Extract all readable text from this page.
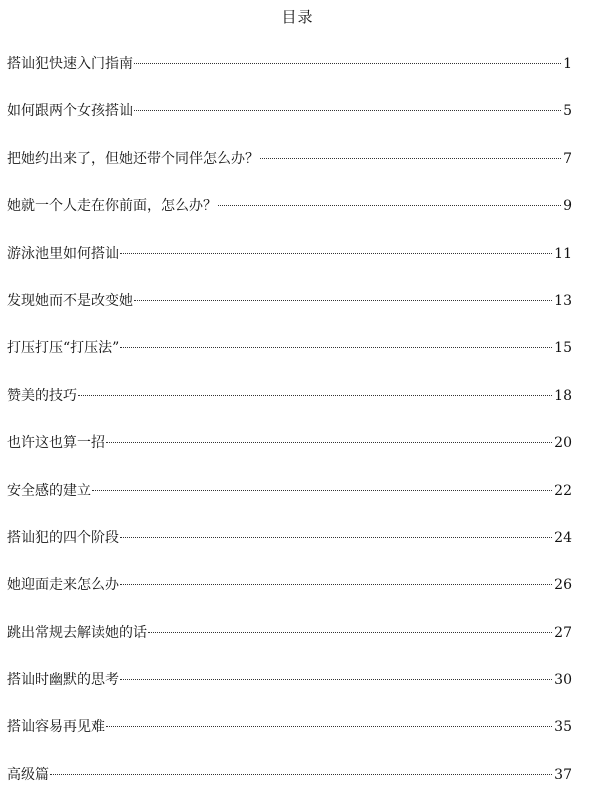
目录
搭讪犯快速入门指南	1
如何跟两个女孩搭讪	5
把她约出来了，但她还带个同伴怎么办？	7
她就一个人走在你前面，怎么办？	9
游泳池里如何搭讪	11
发现她而不是改变她	13
打压打压“打压法”	15
赞美的技巧	18
也许这也算一招	20
安全感的建立	22
搭讪犯的四个阶段	24
她迎面走来怎么办	26
跳出常规去解读她的话	27
搭讪时幽默的思考	30
搭讪容易再见难	35
高级篇	37
